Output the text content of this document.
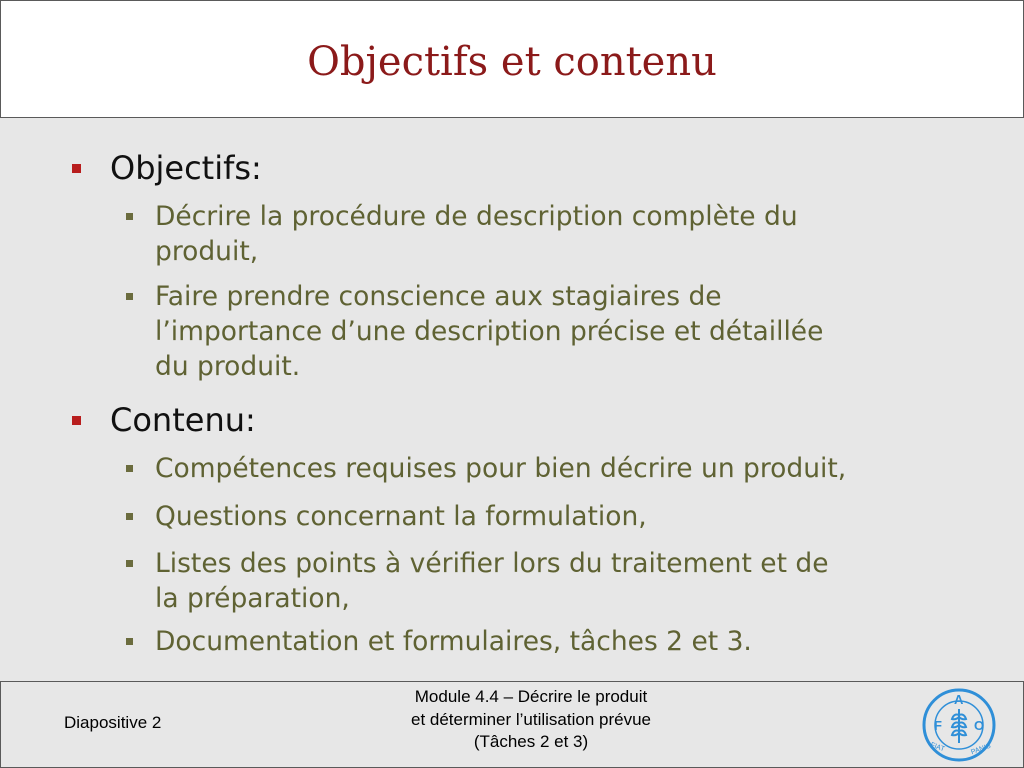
Objectifs et contenu
Objectifs:
Décrire la procédure de description complète du
produit,
Faire prendre conscience aux stagiaires de
l’importance d’une description précise et détaillée
du produit.
Contenu:
Compétences requises pour bien décrire un produit,
Questions concernant la formulation,
Listes des points à vérifier lors du traitement et de
la préparation,
Documentation et formulaires, tâches 2 et 3.
Diapositive 2
Module 4.4 – Décrire le produit
et déterminer l’utilisation prévue
(Tâches 2 et 3)
F
A
O
FIAT	PANIS
